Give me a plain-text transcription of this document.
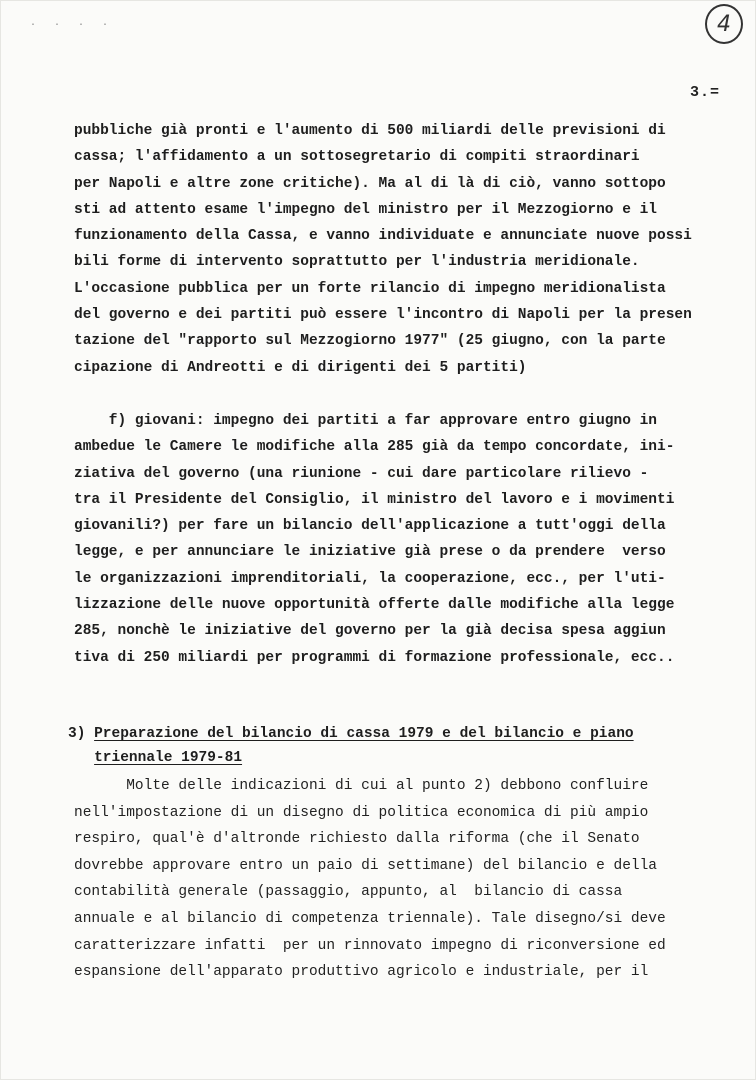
· · · ·	4
3.=
pubbliche già pronti e l'aumento di 500 miliardi delle previsioni di
cassa; l'affidamento a un sottosegretario di compiti straordinari
per Napoli e altre zone critiche). Ma al di là di ciò, vanno sottopo
sti ad attento esame l'impegno del ministro per il Mezzogiorno e il
funzionamento della Cassa, e vanno individuate e annunciate nuove possi
bili forme di intervento soprattutto per l'industria meridionale.
L'occasione pubblica per un forte rilancio di impegno meridionalista
del governo e dei partiti può essere l'incontro di Napoli per la presen
tazione del "rapporto sul Mezzogiorno 1977" (25 giugno, con la parte
cipazione di Andreotti e di dirigenti dei 5 partiti)
f) giovani: impegno dei partiti a far approvare entro giugno in
ambedue le Camere le modifiche alla 285 già da tempo concordate, ini-
ziativa del governo (una riunione - cui dare particolare rilievo -
tra il Presidente del Consiglio, il ministro del lavoro e i movimenti
giovanili?) per fare un bilancio dell'applicazione a tutt'oggi della
legge, e per annunciare le iniziative già prese o da prendere  verso
le organizzazioni imprenditoriali, la cooperazione, ecc., per l'uti-
lizzazione delle nuove opportunità offerte dalle modifiche alla legge
285, nonchè le iniziative del governo per la già decisa spesa aggiun
tiva di 250 miliardi per programmi di formazione professionale, ecc..
3) Preparazione del bilancio di cassa 1979 e del bilancio e piano
triennale 1979-81
Molte delle indicazioni di cui al punto 2) debbono confluire
nell'impostazione di un disegno di politica economica di più ampio
respiro, qual'è d'altronde richiesto dalla riforma (che il Senato
dovrebbe approvare entro un paio di settimane) del bilancio e della
contabilità generale (passaggio, appunto, al  bilancio di cassa
annuale e al bilancio di competenza triennale). Tale disegno/si deve
caratterizzare infatti  per un rinnovato impegno di riconversione ed
espansione dell'apparato produttivo agricolo e industriale, per il
